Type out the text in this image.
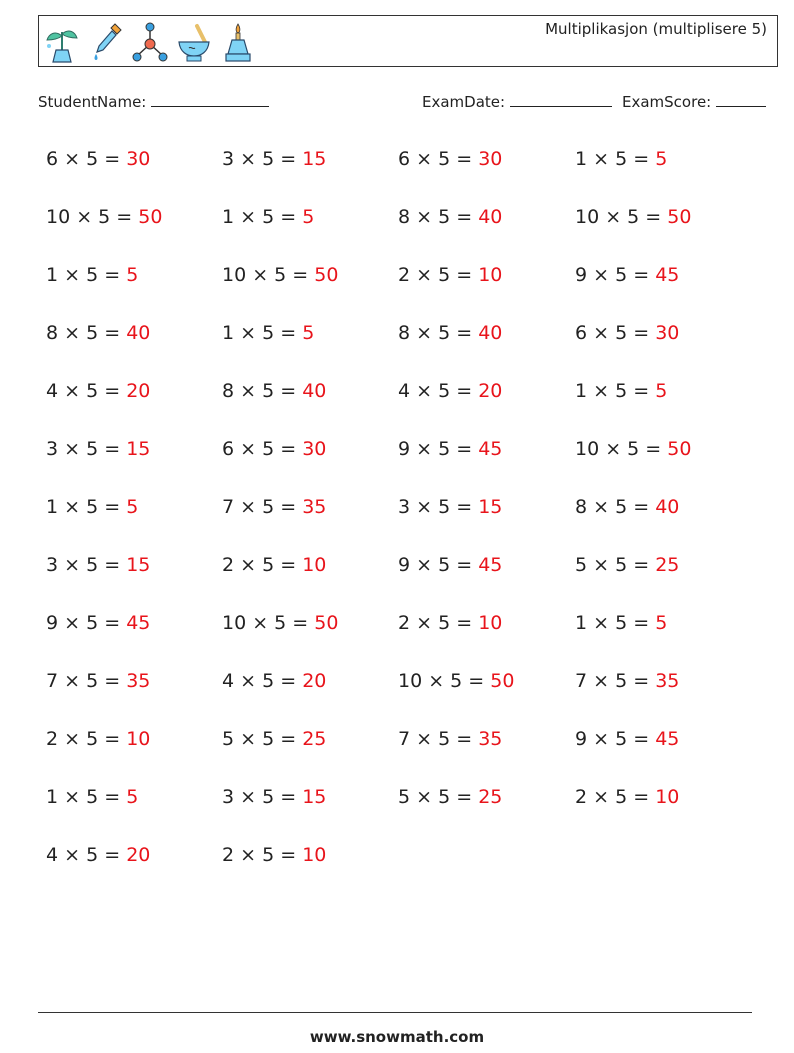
Multiplikasjon (multiplisere 5)
StudentName:	ExamDate:	ExamScore:
6 × 5 = 30	3 × 5 = 15	6 × 5 = 30	1 × 5 = 5
10 × 5 = 50	1 × 5 = 5	8 × 5 = 40	10 × 5 = 50
1 × 5 = 5	10 × 5 = 50	2 × 5 = 10	9 × 5 = 45
8 × 5 = 40	1 × 5 = 5	8 × 5 = 40	6 × 5 = 30
4 × 5 = 20	8 × 5 = 40	4 × 5 = 20	1 × 5 = 5
3 × 5 = 15	6 × 5 = 30	9 × 5 = 45	10 × 5 = 50
1 × 5 = 5	7 × 5 = 35	3 × 5 = 15	8 × 5 = 40
3 × 5 = 15	2 × 5 = 10	9 × 5 = 45	5 × 5 = 25
9 × 5 = 45	10 × 5 = 50	2 × 5 = 10	1 × 5 = 5
7 × 5 = 35	4 × 5 = 20	10 × 5 = 50	7 × 5 = 35
2 × 5 = 10	5 × 5 = 25	7 × 5 = 35	9 × 5 = 45
1 × 5 = 5	3 × 5 = 15	5 × 5 = 25	2 × 5 = 10
4 × 5 = 20	2 × 5 = 10
www.snowmath.com
